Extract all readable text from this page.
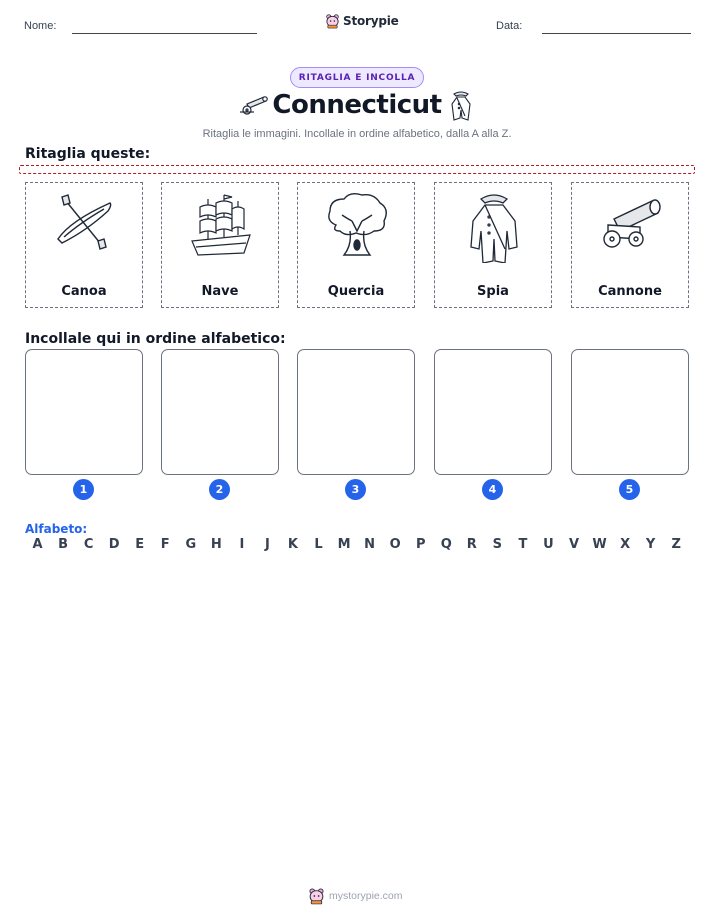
Nome:	Storypie	Data:
RITAGLIA E INCOLLA
Connecticut
Ritaglia le immagini. Incollale in ordine alfabetico, dalla A alla Z.
Ritaglia queste:
Canoa	Nave	Quercia	Spia	Cannone
Incollale qui in ordine alfabetico:
1	2	3	4	5
Alfabeto:
A	B	C	D	E	F	G	H	I	J	K	L	M	N	O	P	Q	R	S	T	U	V	W	X	Y	Z
mystorypie.com
